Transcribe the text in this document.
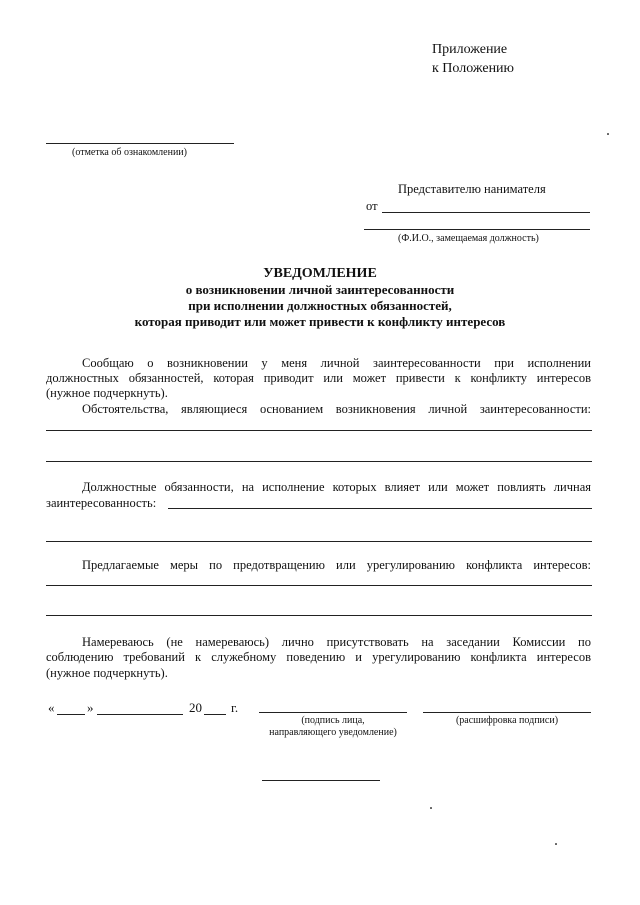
Приложение
к Положению
(отметка об ознакомлении)
Представителю нанимателя
от
(Ф.И.О., замещаемая должность)
УВЕДОМЛЕНИЕ
о возникновении личной заинтересованности
при исполнении должностных обязанностей,
которая приводит или может привести к конфликту интересов
Сообщаю о возникновении у меня личной заинтересованности при исполнении
должностных обязанностей, которая приводит или может привести к конфликту интересов
(нужное подчеркнуть).
Обстоятельства, являющиеся основанием возникновения личной заинтересованности:
Должностные обязанности, на исполнение которых влияет или может повлиять личная
заинтересованность:
Предлагаемые меры по предотвращению или урегулированию конфликта интересов:
Намереваюсь (не намереваюсь) лично присутствовать на заседании Комиссии по
соблюдению требований к служебному поведению и урегулированию конфликта интересов
(нужное подчеркнуть).
«	»	20 г.
(подпись лица,
направляющего уведомление)
(расшифровка подписи)
